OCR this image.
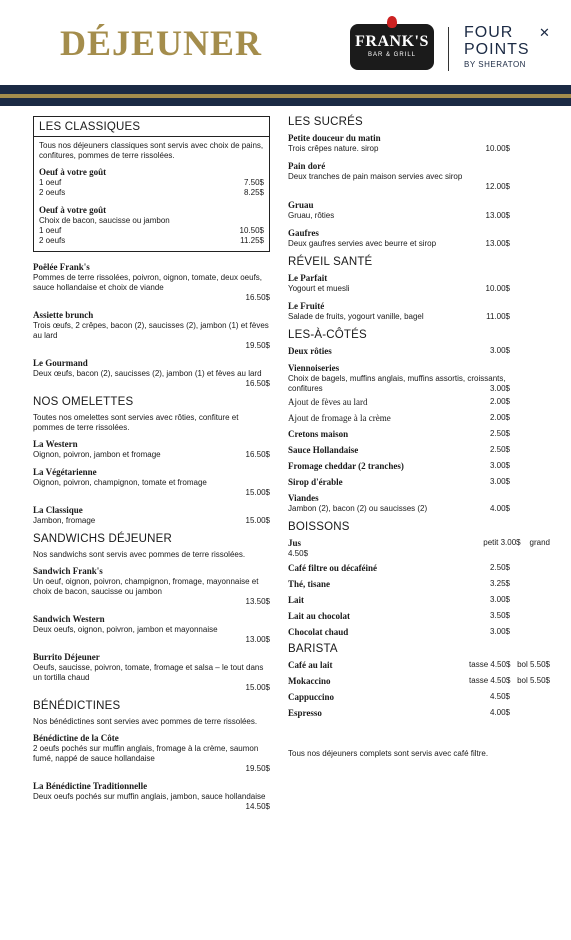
DÉJEUNER	FRANK'S
BAR & GRILL
✕
FOUR
POINTS
BY SHERATON
LES CLASSIQUES
Tous nos déjeuners classiques sont servis avec choix de pains, confitures, pommes de terre rissolées.
Oeuf à votre goût
1 oeuf	7.50$
2 oeufs	8.25$
Oeuf à votre goût
Choix de bacon, saucisse ou jambon
1 oeuf	10.50$
2 oeufs	11.25$
Poêlée Frank's
Pommes de terre rissolées, poivron, oignon, tomate, deux oeufs, sauce hollandaise et choix de viande
16.50$
Assiette brunch
Trois œufs, 2 crêpes, bacon (2), saucisses (2), jambon (1) et fèves au lard
19.50$
Le Gourmand
Deux œufs, bacon (2), saucisses (2), jambon (1) et fèves au lard
16.50$
NOS OMELETTES
Toutes nos omelettes sont servies avec rôties, confiture et pommes de terre rissolées.
La Western
Oignon, poivron, jambon et fromage	16.50$
La Végétarienne
Oignon, poivron, champignon, tomate et fromage
15.00$
La Classique
Jambon, fromage	15.00$
SANDWICHS DÉJEUNER
Nos sandwichs sont servis avec pommes de terre rissolées.
Sandwich Frank's
Un oeuf, oignon, poivron, champignon, fromage, mayonnaise et choix de bacon, saucisse ou jambon
13.50$
Sandwich Western
Deux oeufs, oignon, poivron, jambon et mayonnaise
13.00$
Burrito Déjeuner
Oeufs, saucisse, poivron, tomate, fromage et salsa – le tout dans un tortilla chaud
15.00$
BÉNÉDICTINES
Nos bénédictines sont servies avec pommes de terre rissolées.
Bénédictine de la Côte
2 oeufs pochés sur muffin anglais, fromage à la crème, saumon fumé, nappé de sauce hollandaise
19.50$
La Bénédictine Traditionnelle
Deux oeufs pochés sur muffin anglais, jambon, sauce hollandaise
14.50$
LES SUCRÉS
Petite douceur du matin
Trois crêpes nature. sirop	10.00$
Pain doré
Deux tranches de pain maison servies avec sirop
12.00$
Gruau
Gruau, rôties	13.00$
Gaufres
Deux gaufres servies avec beurre et sirop	13.00$
RÉVEIL SANTÉ
Le Parfait
Yogourt et muesli	10.00$
Le Fruité
Salade de fruits, yogourt vanille, bagel	11.00$
LES-À-CÔTÉS
Deux rôties	3.00$
Viennoiseries
Choix de bagels, muffins anglais, muffins assortis, croissants, confitures	3.00$
Ajout de fèves au lard	2.00$
Ajout de fromage à la crème	2.00$
Cretons maison	2.50$
Sauce Hollandaise	2.50$
Fromage cheddar (2 tranches)	3.00$
Sirop d'érable	3.00$
Viandes
Jambon (2), bacon (2) ou saucisses (2)	4.00$
BOISSONS
Jus	petit 3.00$ grand
4.50$
Café filtre ou décaféiné	2.50$
Thé, tisane	3.25$
Lait	3.00$
Lait au chocolat	3.50$
Chocolat chaud	3.00$
BARISTA
Café au lait	tasse 4.50$ bol 5.50$
Mokaccino	tasse 4.50$ bol 5.50$
Cappuccino	4.50$
Espresso	4.00$
Tous nos déjeuners complets sont servis avec café filtre.
